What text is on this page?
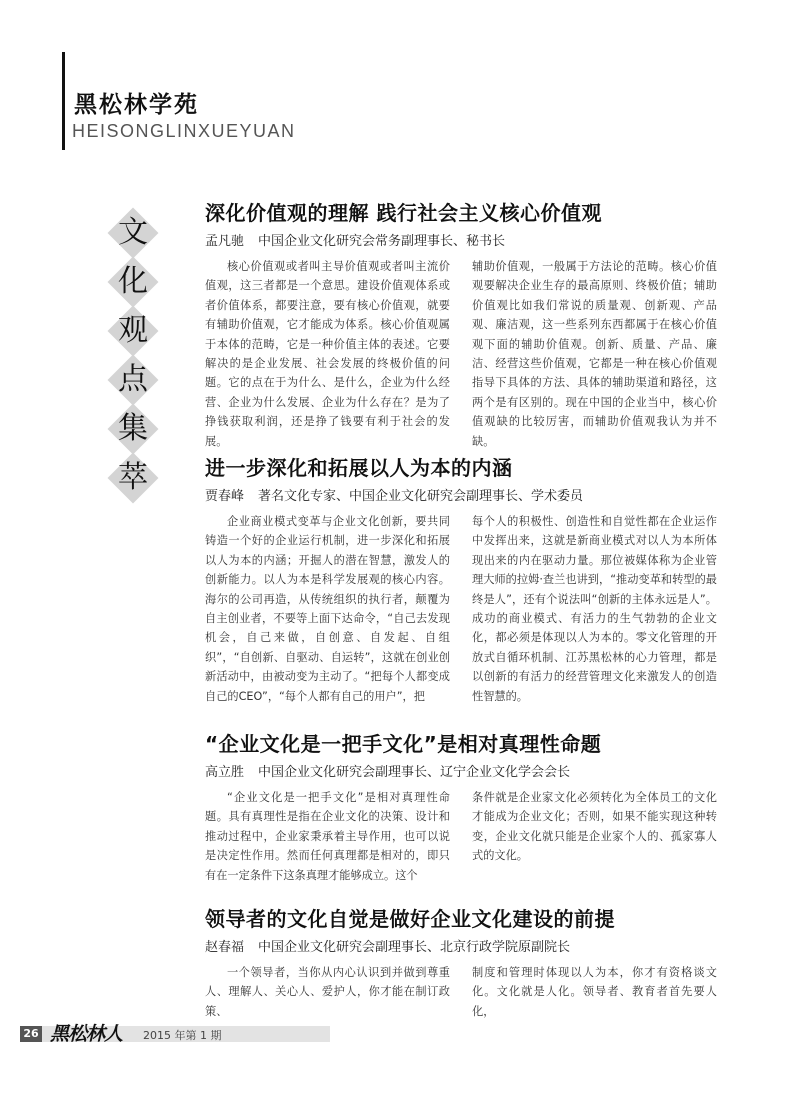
黑松林学苑
HEISONGLINXUEYUAN
文
化
观
点
集
萃
深化价值观的理解 践行社会主义核心价值观
孟凡驰 中国企业文化研究会常务副理事长、秘书长
核心价值观或者叫主导价值观或者叫主流价值观，这三者都是一个意思。建设价值观体系或者价值体系，都要注意，要有核心价值观，就要有辅助价值观，它才能成为体系。核心价值观属于本体的范畴，它是一种价值主体的表述。它要解决的是企业发展、社会发展的终极价值的问题。它的点在于为什么、是什么，企业为什么经营、企业为什么发展、企业为什么存在？是为了挣钱获取利润，还是挣了钱要有利于社会的发展。
辅助价值观，一般属于方法论的范畴。核心价值观要解决企业生存的最高原则、终极价值；辅助价值观比如我们常说的质量观、创新观、产品观、廉洁观，这一些系列东西都属于在核心价值观下面的辅助价值观。创新、质量、产品、廉洁、经营这些价值观，它都是一种在核心价值观指导下具体的方法、具体的辅助渠道和路径，这两个是有区别的。现在中国的企业当中，核心价值观缺的比较厉害，而辅助价值观我认为并不缺。
进一步深化和拓展以人为本的内涵
贾春峰 著名文化专家、中国企业文化研究会副理事长、学术委员
企业商业模式变革与企业文化创新，要共同铸造一个好的企业运行机制，进一步深化和拓展以人为本的内涵；开掘人的潜在智慧，激发人的创新能力。以人为本是科学发展观的核心内容。海尔的公司再造，从传统组织的执行者，颠覆为自主创业者，不要等上面下达命令，“自己去发现机会，自己来做，自创意、自发起、自组织”，“自创新、自驱动、自运转”，这就在创业创新活动中，由被动变为主动了。“把每个人都变成自己的CEO”，“每个人都有自己的用户”，把
每个人的积极性、创造性和自觉性都在企业运作中发挥出来，这就是新商业模式对以人为本所体现出来的内在驱动力量。那位被媒体称为企业管理大师的拉姆·查兰也讲到，“推动变革和转型的最终是人”，还有个说法叫“创新的主体永远是人”。成功的商业模式、有活力的生气勃勃的企业文化，都必须是体现以人为本的。零文化管理的开放式自循环机制、江苏黑松林的心力管理，都是以创新的有活力的经营管理文化来激发人的创造性智慧的。
“企业文化是一把手文化”是相对真理性命题
高立胜 中国企业文化研究会副理事长、辽宁企业文化学会会长
“企业文化是一把手文化”是相对真理性命题。具有真理性是指在企业文化的决策、设计和推动过程中，企业家秉承着主导作用，也可以说是决定性作用。然而任何真理都是相对的，即只有在一定条件下这条真理才能够成立。这个
条件就是企业家文化必须转化为全体员工的文化才能成为企业文化；否则，如果不能实现这种转变，企业文化就只能是企业家个人的、孤家寡人式的文化。
领导者的文化自觉是做好企业文化建设的前提
赵春福 中国企业文化研究会副理事长、北京行政学院原副院长
一个领导者，当你从内心认识到并做到尊重人、理解人、关心人、爱护人，你才能在制订政策、
制度和管理时体现以人为本，你才有资格谈文化。文化就是人化。领导者、教育者首先要人化，
26 黑松林人 2015 年第 1 期
